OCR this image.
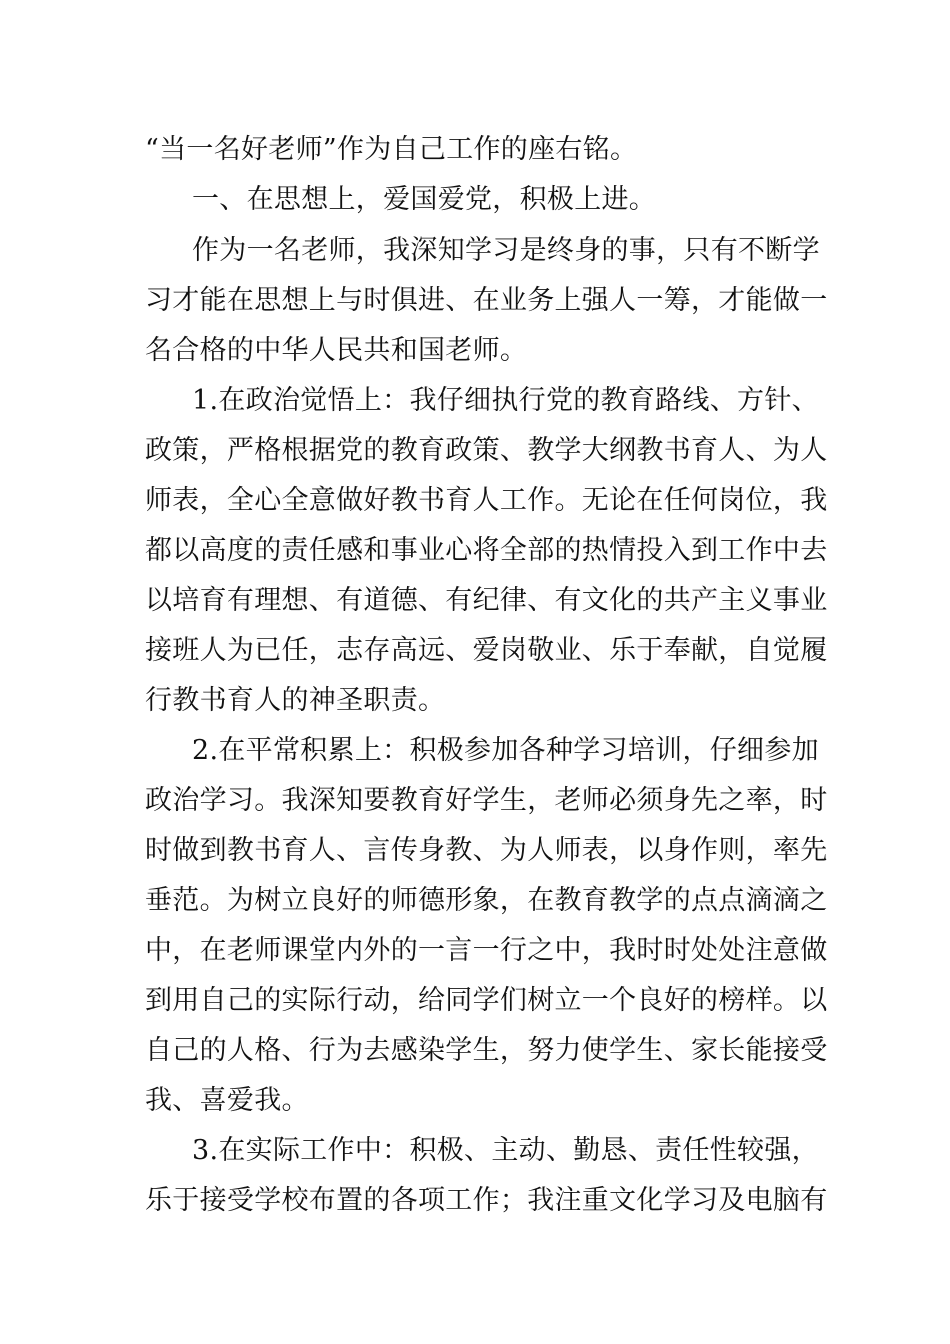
“当一名好老师”作为自己工作的座右铭。
一、在思想上，爱国爱党，积极上进。
作为一名老师，我深知学习是终身的事，只有不断学
习才能在思想上与时俱进、在业务上强人一筹，才能做一
名合格的中华人民共和国老师。
1.在政治觉悟上：我仔细执行党的教育路线、方针、
政策，严格根据党的教育政策、教学大纲教书育人、为人
师表，全心全意做好教书育人工作。无论在任何岗位，我
都以高度的责任感和事业心将全部的热情投入到工作中去
以培育有理想、有道德、有纪律、有文化的共产主义事业
接班人为已任，志存高远、爱岗敬业、乐于奉献，自觉履
行教书育人的神圣职责。
2.在平常积累上：积极参加各种学习培训，仔细参加
政治学习。我深知要教育好学生，老师必须身先之率，时
时做到教书育人、言传身教、为人师表，以身作则，率先
垂范。为树立良好的师德形象，在教育教学的点点滴滴之
中，在老师课堂内外的一言一行之中，我时时处处注意做
到用自己的实际行动，给同学们树立一个良好的榜样。以
自己的人格、行为去感染学生，努力使学生、家长能接受
我、喜爱我。
3.在实际工作中：积极、主动、勤恳、责任性较强，
乐于接受学校布置的各项工作；我注重文化学习及电脑有
